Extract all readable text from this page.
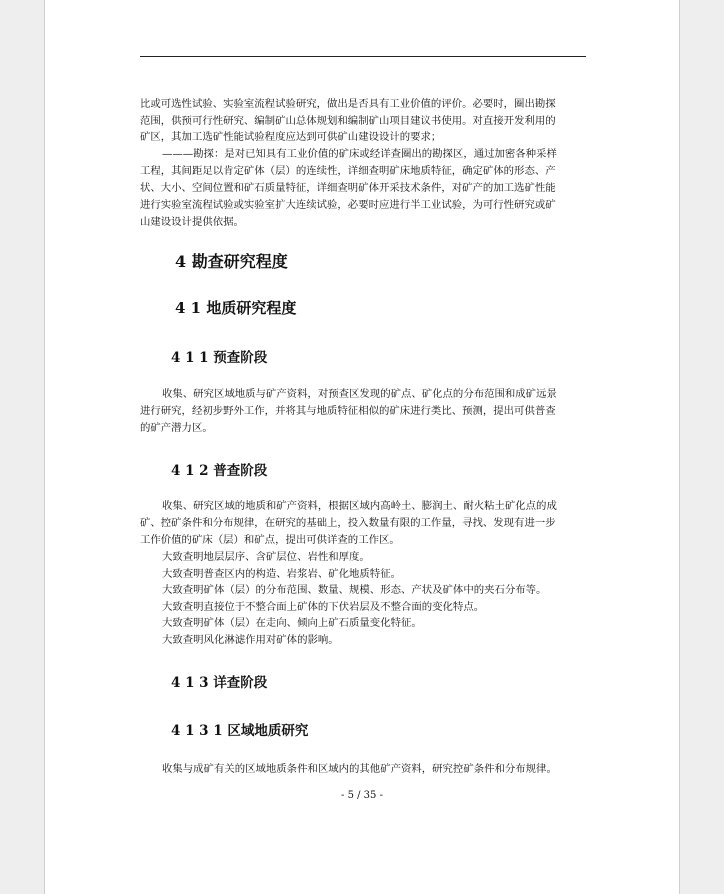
比或可选性试验、实验室流程试验研究，做出是否具有工业价值的评价。必要时，圈出勘探
范围，供预可行性研究、编制矿山总体规划和编制矿山项目建议书使用。对直接开发利用的
矿区，其加工选矿性能试验程度应达到可供矿山建设设计的要求；
———勘探：是对已知具有工业价值的矿床或经详查圈出的勘探区，通过加密各种采样
工程，其间距足以肯定矿体（层）的连续性，详细查明矿床地质特征，确定矿体的形态、产
状、大小、空间位置和矿石质量特征，详细查明矿体开采技术条件，对矿产的加工选矿性能
进行实验室流程试验或实验室扩大连续试验，必要时应进行半工业试验，为可行性研究或矿
山建设设计提供依据。
4 勘查研究程度
4 1 地质研究程度
4 1 1 预查阶段
收集、研究区域地质与矿产资料，对预查区发现的矿点、矿化点的分布范围和成矿远景
进行研究，经初步野外工作，并将其与地质特征相似的矿床进行类比、预测，提出可供普查
的矿产潜力区。
4 1 2 普查阶段
收集、研究区域的地质和矿产资料，根据区域内高岭土、膨润土、耐火粘土矿化点的成
矿、控矿条件和分布规律，在研究的基础上，投入数量有限的工作量，寻找、发现有进一步
工作价值的矿床（层）和矿点，提出可供详查的工作区。
大致查明地层层序、含矿层位、岩性和厚度。
大致查明普查区内的构造、岩浆岩、矿化地质特征。
大致查明矿体（层）的分布范围、数量、规模、形态、产状及矿体中的夹石分布等。
大致查明直接位于不整合面上矿体的下伏岩层及不整合面的变化特点。
大致查明矿体（层）在走向、倾向上矿石质量变化特征。
大致查明风化淋滤作用对矿体的影响。
4 1 3 详查阶段
4 1 3 1 区域地质研究
收集与成矿有关的区域地质条件和区域内的其他矿产资料，研究控矿条件和分布规律。
- 5 / 35 -
